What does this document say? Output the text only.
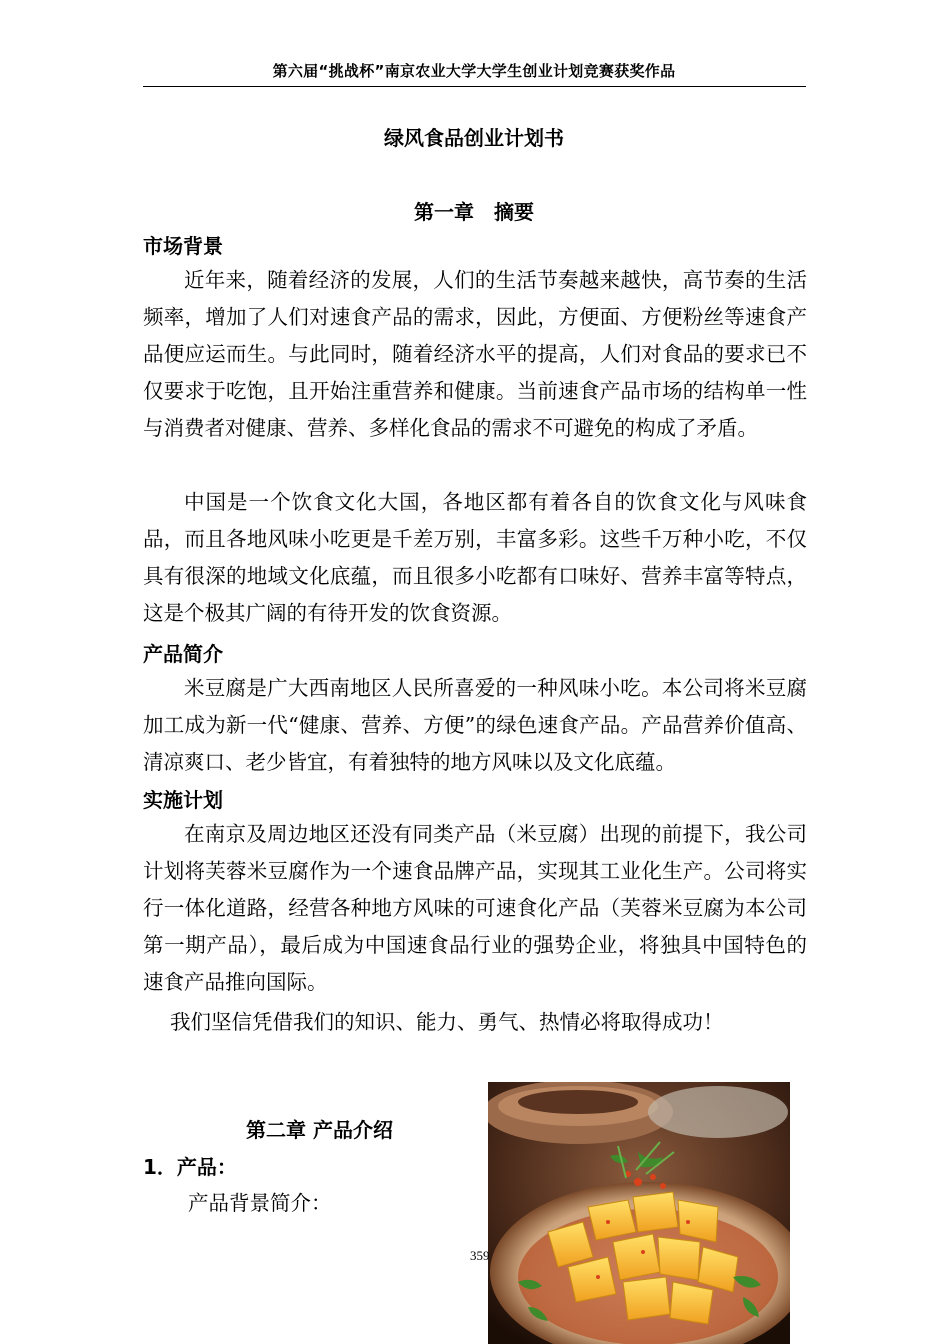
第六届“挑战杯”南京农业大学大学生创业计划竞赛获奖作品
绿风食品创业计划书
第一章　摘要
市场背景

近年来，随着经济的发展，人们的生活节奏越来越快，高节奏的生活频率，增加了人们对速食产品的需求，因此，方便面、方便粉丝等速食产品便应运而生。与此同时，随着经济水平的提高，人们对食品的要求已不仅要求于吃饱，且开始注重营养和健康。当前速食产品市场的结构单一性与消费者对健康、营养、多样化食品的需求不可避免的构成了矛盾。

中国是一个饮食文化大国，各地区都有着各自的饮食文化与风味食品，而且各地风味小吃更是千差万别，丰富多彩。这些千万种小吃，不仅具有很深的地域文化底蕴，而且很多小吃都有口味好、营养丰富等特点，这是个极其广阔的有待开发的饮食资源。

产品简介

米豆腐是广大西南地区人民所喜爱的一种风味小吃。本公司将米豆腐加工成为新一代“健康、营养、方便”的绿色速食产品。产品营养价值高、清凉爽口、老少皆宜，有着独特的地方风味以及文化底蕴。

实施计划

在南京及周边地区还没有同类产品（米豆腐）出现的前提下，我公司计划将芙蓉米豆腐作为一个速食品牌产品，实现其工业化生产。公司将实行一体化道路，经营各种地方风味的可速食化产品（芙蓉米豆腐为本公司第一期产品），最后成为中国速食品行业的强势企业，将独具中国特色的速食产品推向国际。

我们坚信凭借我们的知识、能力、勇气、热情必将取得成功！
第二章 产品介绍
1．产品：
产品背景简介：
359
